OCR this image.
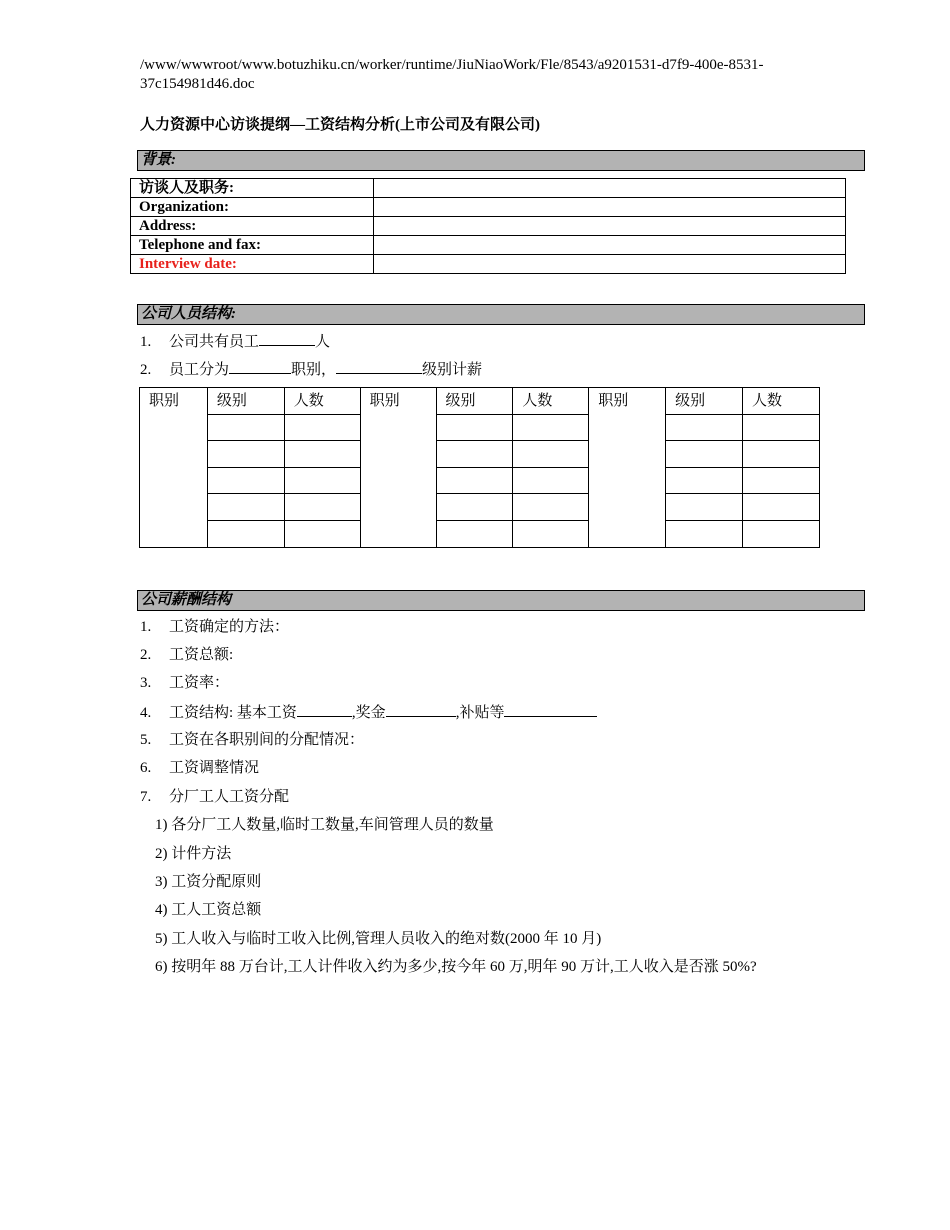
/www/wwwroot/www.botuzhiku.cn/worker/runtime/JiuNiaoWork/Fle/8543/a9201531-d7f9-400e-8531-37c154981d46.doc
人力资源中心访谈提纲—工资结构分析(上市公司及有限公司)
背景:
访谈人及职务:	
Organization:	
Address:	
Telephone and fax:	
Interview date:	
公司人员结构:
1. 公司共有员工	人
2. 员工分为	职别，	级别计薪
职别	级别	人数	职别	级别	人数	职别	级别	人数

公司薪酬结构
1. 工资确定的方法：
2. 工资总额:
3. 工资率：
4. 工资结构: 基本工资	,奖金	,补贴等
5. 工资在各职别间的分配情况：
6. 工资调整情况
7. 分厂工人工资分配
1) 各分厂工人数量,临时工数量,车间管理人员的数量
2) 计件方法
3) 工资分配原则
4) 工人工资总额
5) 工人收入与临时工收入比例,管理人员收入的绝对数(2000 年 10 月)
6) 按明年 88 万台计,工人计件收入约为多少,按今年 60 万,明年 90 万计,工人收入是否涨 50%?
